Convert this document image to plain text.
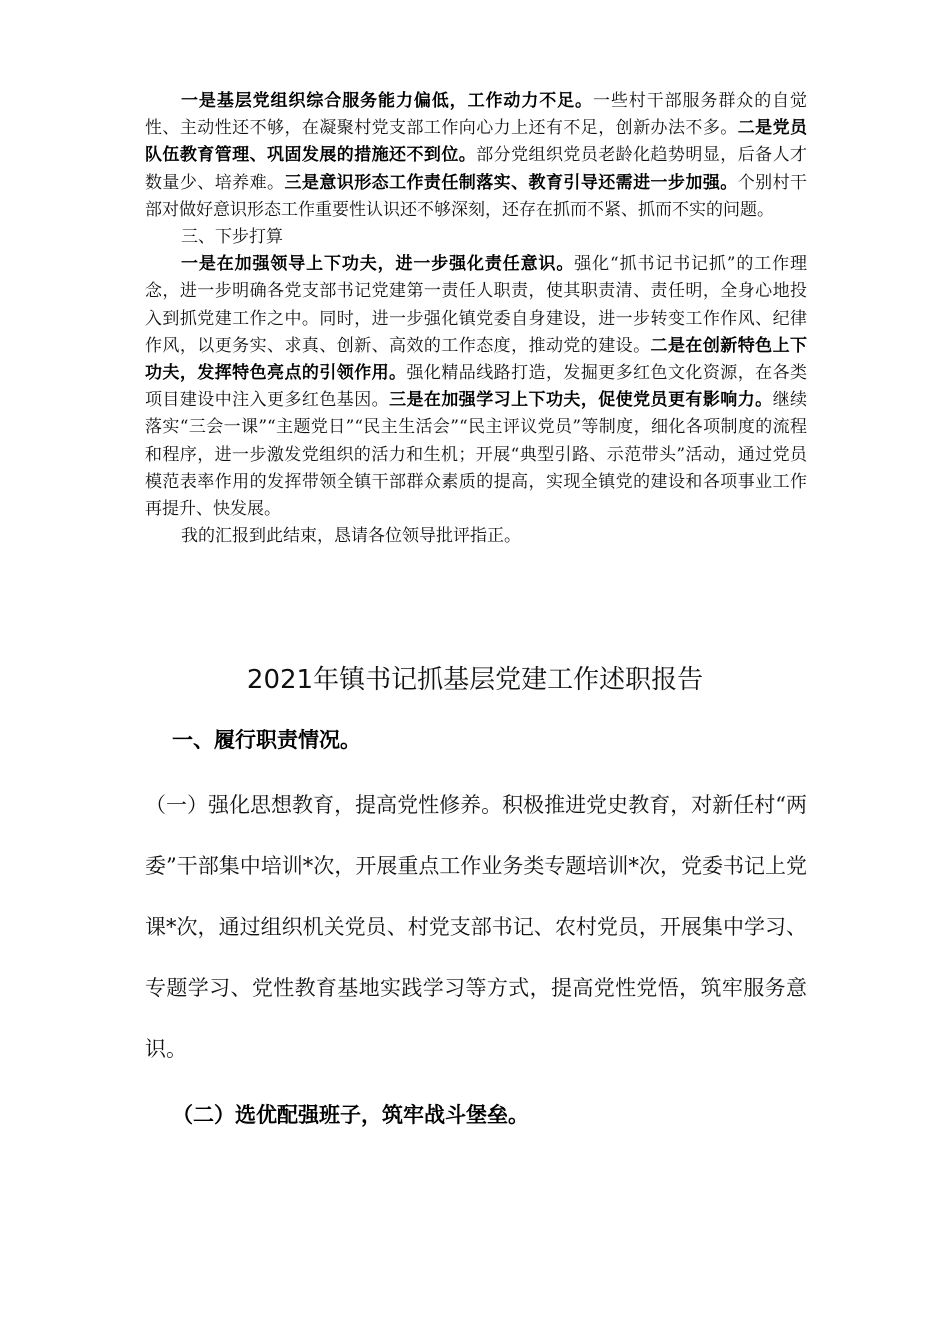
一是基层党组织综合服务能力偏低，工作动力不足。一些村干部服务群众的自觉性、主动性还不够，在凝聚村党支部工作向心力上还有不足，创新办法不多。二是党员队伍教育管理、巩固发展的措施还不到位。部分党组织党员老龄化趋势明显，后备人才数量少、培养难。三是意识形态工作责任制落实、教育引导还需进一步加强。个别村干部对做好意识形态工作重要性认识还不够深刻，还存在抓而不紧、抓而不实的问题。

三、下步打算

一是在加强领导上下功夫，进一步强化责任意识。强化“抓书记书记抓”的工作理念，进一步明确各党支部书记党建第一责任人职责，使其职责清、责任明，全身心地投入到抓党建工作之中。同时，进一步强化镇党委自身建设，进一步转变工作作风、纪律作风，以更务实、求真、创新、高效的工作态度，推动党的建设。二是在创新特色上下功夫，发挥特色亮点的引领作用。强化精品线路打造，发掘更多红色文化资源，在各类项目建设中注入更多红色基因。三是在加强学习上下功夫，促使党员更有影响力。继续落实“三会一课”“主题党日”“民主生活会”“民主评议党员”等制度，细化各项制度的流程和程序，进一步激发党组织的活力和生机；开展“典型引路、示范带头”活动，通过党员模范表率作用的发挥带领全镇干部群众素质的提高，实现全镇党的建设和各项事业工作再提升、快发展。

我的汇报到此结束，恳请各位领导批评指正。

2021年镇书记抓基层党建工作述职报告
一、履行职责情况。

（一）强化思想教育，提高党性修养。积极推进党史教育，对新任村“两委”干部集中培训*次，开展重点工作业务类专题培训*次，党委书记上党课*次，通过组织机关党员、村党支部书记、农村党员，开展集中学习、专题学习、党性教育基地实践学习等方式，提高党性党悟，筑牢服务意识。

（二）选优配强班子，筑牢战斗堡垒。
